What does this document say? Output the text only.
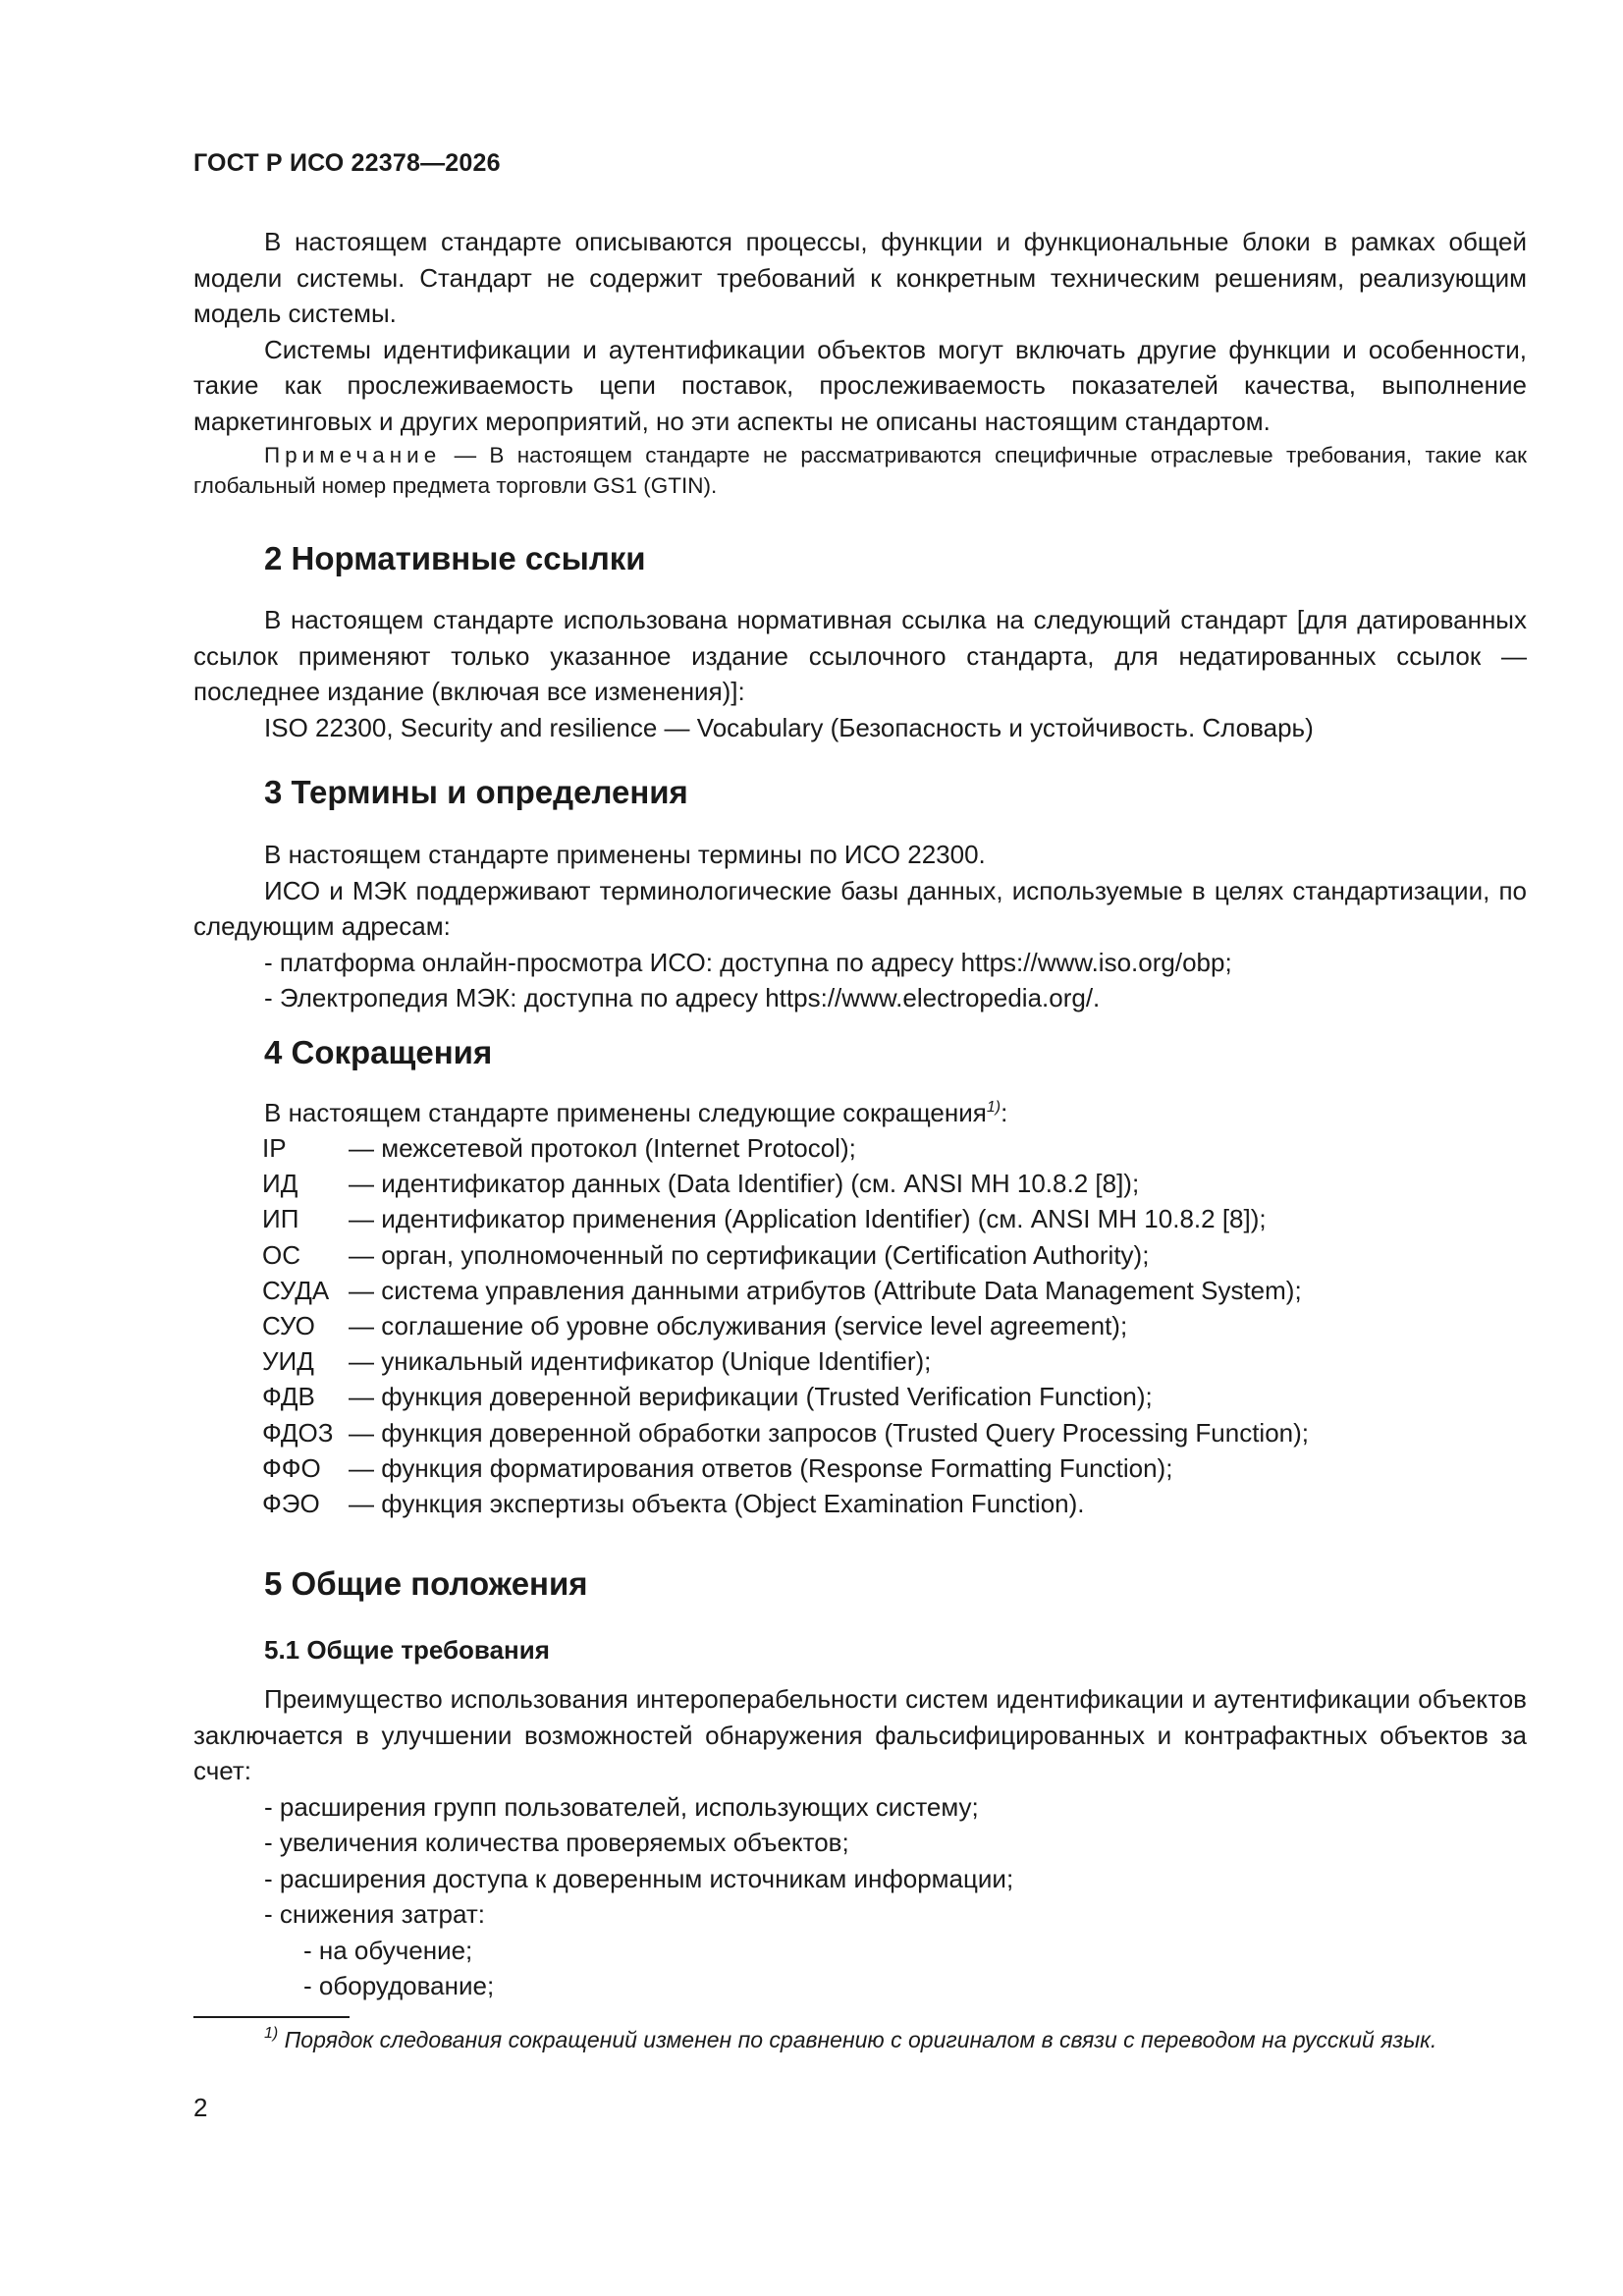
ГОСТ Р ИСО 22378—2026

В настоящем стандарте описываются процессы, функции и функциональные блоки в рамках общей модели системы. Стандарт не содержит требований к конкретным техническим решениям, реализующим модель системы.

Системы идентификации и аутентификации объектов могут включать другие функции и особенности, такие как прослеживаемость цепи поставок, прослеживаемость показателей качества, выполнение маркетинговых и других мероприятий, но эти аспекты не описаны настоящим стандартом.

Примечание — В настоящем стандарте не рассматриваются специфичные отраслевые требования, такие как глобальный номер предмета торговли GS1 (GTIN).

2 Нормативные ссылки

В настоящем стандарте использована нормативная ссылка на следующий стандарт [для датированных ссылок применяют только указанное издание ссылочного стандарта, для недатированных ссылок — последнее издание (включая все изменения)]:

ISO 22300, Security and resilience — Vocabulary (Безопасность и устойчивость. Словарь)

3 Термины и определения

В настоящем стандарте применены термины по ИСО 22300.

ИСО и МЭК поддерживают терминологические базы данных, используемые в целях стандартизации, по следующим адресам:

- платформа онлайн-просмотра ИСО: доступна по адресу https://www.iso.org/obp;

- Электропедия МЭК: доступна по адресу https://www.electropedia.org/.

4 Сокращения

В настоящем стандарте применены следующие сокращения$^{1)}$:

IP	— межсетевой протокол (Internet Protocol);
ИД	— идентификатор данных (Data Identifier) (см. ANSI MH 10.8.2 [8]);
ИП	— идентификатор применения (Application Identifier) (см. ANSI MH 10.8.2 [8]);
ОС	— орган, уполномоченный по сертификации (Certification Authority);
СУДА — система управления данными атрибутов (Attribute Data Management System);
СУО	— соглашение об уровне обслуживания (service level agreement);
УИД	— уникальный идентификатор (Unique Identifier);
ФДВ	— функция доверенной верификации (Trusted Verification Function);
ФДОЗ — функция доверенной обработки запросов (Trusted Query Processing Function);
ФФО	— функция форматирования ответов (Response Formatting Function);
ФЭО	— функция экспертизы объекта (Object Examination Function).
5 Общие положения
5.1 Общие требования

Преимущество использования интероперабельности систем идентификации и аутентификации объектов заключается в улучшении возможностей обнаружения фальсифицированных и контрафактных объектов за счет:

- расширения групп пользователей, использующих систему;

- увеличения количества проверяемых объектов;

- расширения доступа к доверенным источникам информации;

- снижения затрат:

- на обучение;

- оборудование;

$^{1)}$ Порядок следования сокращений изменен по сравнению с оригиналом в связи с переводом на русский язык.
2
